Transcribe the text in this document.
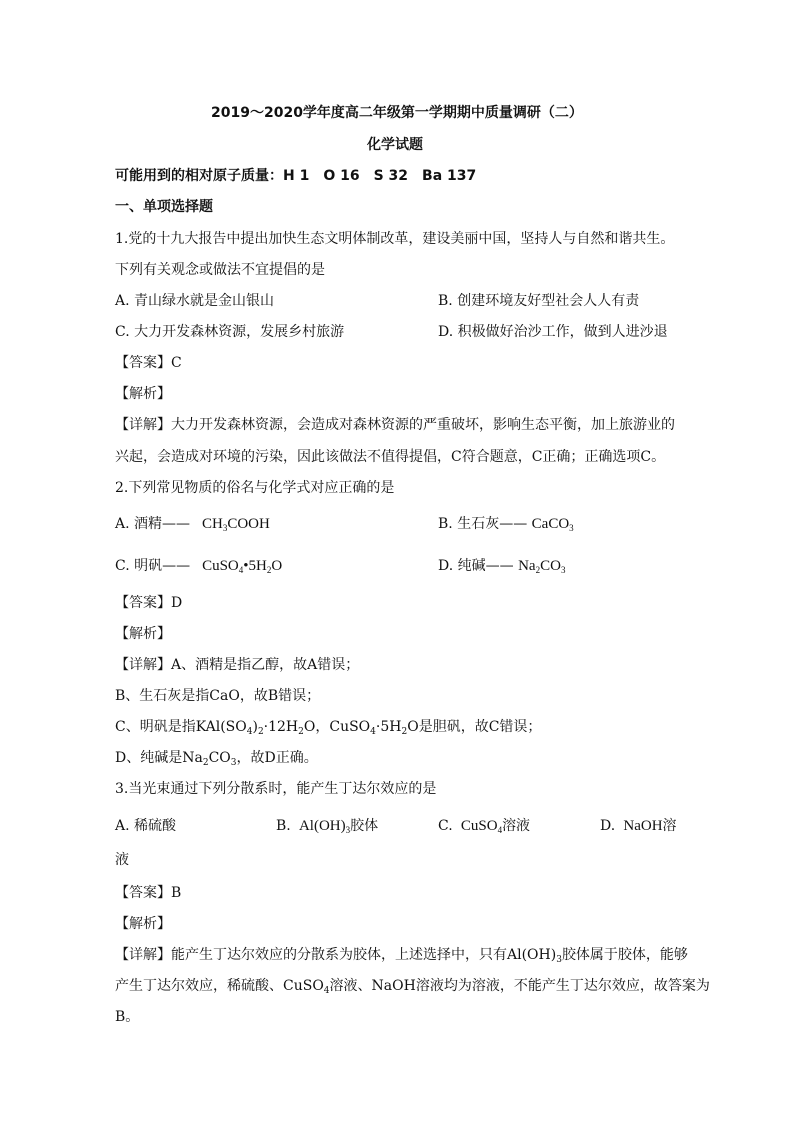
2019～2020学年度高二年级第一学期期中质量调研（二）
化学试题
可能用到的相对原子质量：H 1　O 16　S 32　Ba 137
一、单项选择题
1.党的十九大报告中提出加快生态文明体制改革，建设美丽中国，坚持人与自然和谐共生。
下列有关观念或做法不宜提倡的是
A. 青山绿水就是金山银山	B. 创建环境友好型社会人人有责
C. 大力开发森林资源，发展乡村旅游	D. 积极做好治沙工作，做到人进沙退
【答案】C
【解析】
【详解】大力开发森林资源，会造成对森林资源的严重破坏，影响生态平衡，加上旅游业的
兴起，会造成对环境的污染，因此该做法不值得提倡，C符合题意，C正确；正确选项C。
2.下列常见物质的俗名与化学式对应正确的是
A. 酒精——   $CH_3COOH$	B. 生石灰—— CaCO$_3$
C. 明矾——   $CuSO_4•5H_2O$	D. 纯碱—— $Na_2CO_3$
【答案】D
【解析】
【详解】A、酒精是指乙醇，故A错误；
B、生石灰是指CaO，故B错误；
C、明矾是指$KAl(SO_4)_2\cdot 12H_2O$，$CuSO_4\cdot 5H_2O$是胆矾，故C错误；
D、纯碱是$Na_2CO_3$，故D正确。
3.当光束通过下列分散系时，能产生丁达尔效应的是
A. 稀硫酸	B.  $Al(OH)_3$胶体	C.  CuSO$_4$溶液	D.  NaOH溶
液
【答案】B
【解析】
【详解】能产生丁达尔效应的分散系为胶体，上述选择中，只有$Al(OH)_3$胶体属于胶体，能够
产生丁达尔效应，稀硫酸、CuSO$_4$溶液、NaOH溶液均为溶液，不能产生丁达尔效应，故答案为
B。
